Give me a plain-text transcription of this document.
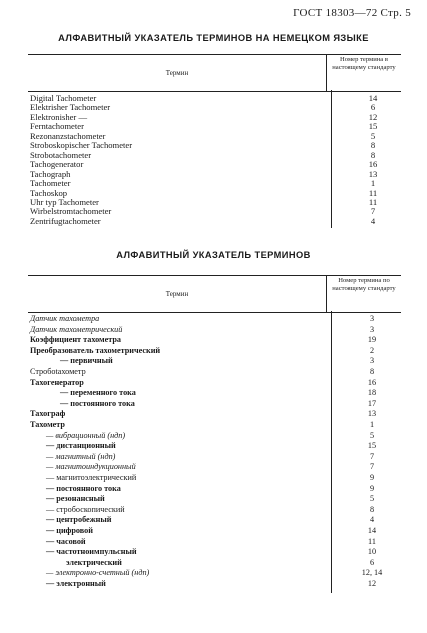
ГОСТ 18303—72 Стр. 5
АЛФАВИТНЫЙ УКАЗАТЕЛЬ ТЕРМИНОВ НА НЕМЕЦКОМ ЯЗЫКЕ
Термин
Номер термина в настоящему стандарту
Digital Tachometer	14
Elektrisher Tachometer	6
Elektronisher —	12
Ferntachometer	15
Rezonanzstachometer	5
Stroboskopischer Tachometer	8
Strobotachometer	8
Tachogenerator	16
Tachograph	13
Tachometer	1
Tachoskop	11
Uhr typ Tachometer	11
Wirbelstromtachometer	7
Zentrifugtachometer	4
АЛФАВИТНЫЙ УКАЗАТЕЛЬ ТЕРМИНОВ
Термин
Номер термина по настоящему стандарту
Датчик тахометра	3
Датчик тахометрический	3
Коэффициент тахометра	19
Преобразователь тахометрический	2
— первичный	3
Стробоtахометр	8
Тахогенератор	16
— переменного тока	18
— постоянного тока	17
Тахограф	13
Тахометр	1
— вибрационный (ндп)	5
— дистанционный	15
— магнитный (ндп)	7
— магнитоиндукционный	7
— магнитоэлектрический	9
— постоянного тока	9
— резонансный	5
— стробоскопический	8
— центробежный	4
— цифровой	14
— часовой	11
— частотноимпульсный	10
электрический	6
— электронно-счетный (ндп)	12, 14
— электронный	12
